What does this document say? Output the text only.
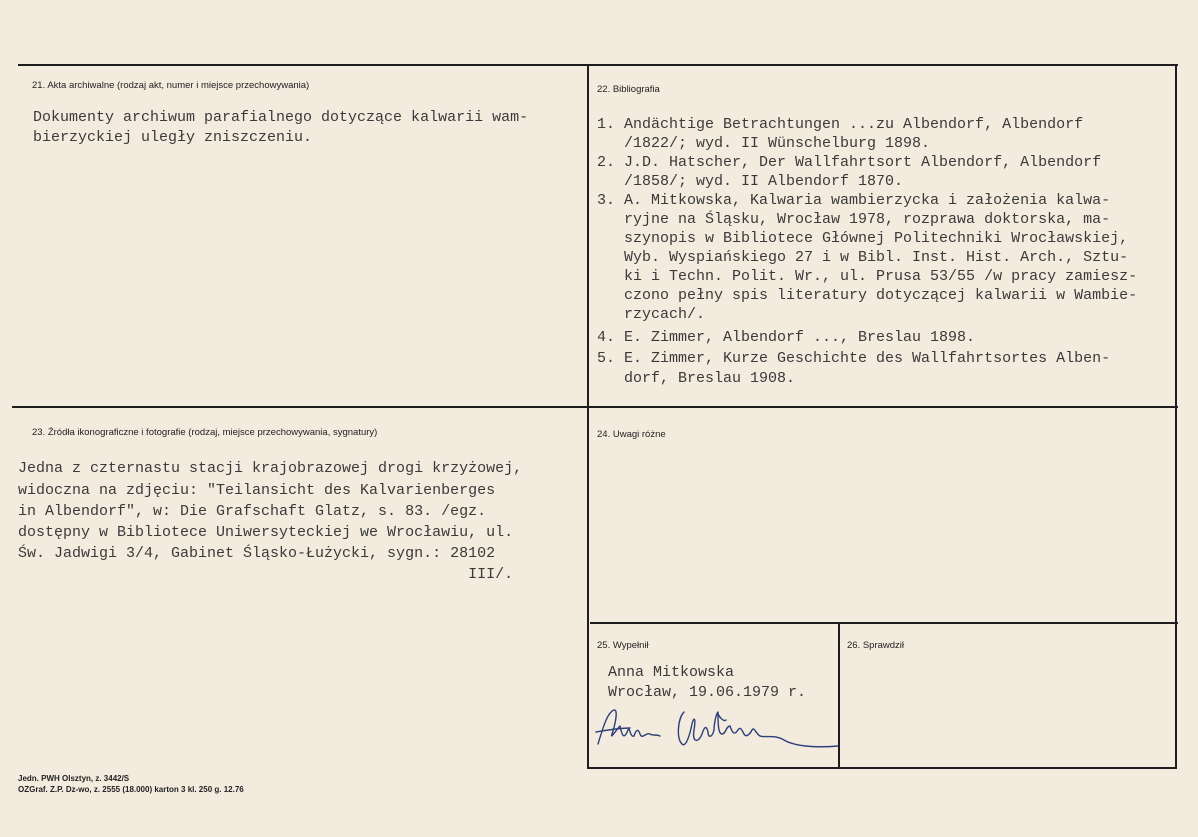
21. Akta archiwalne (rodzaj akt, numer i miejsce przechowywania)
Dokumenty archiwum parafialnego dotyczące kalwarii wam-
bierzyckiej uległy zniszczeniu.
22. Bibliografia
1. Andächtige Betrachtungen ...zu Albendorf, Albendorf
/1822/; wyd. II Wünschelburg 1898.
2. J.D. Hatscher, Der Wallfahrtsort Albendorf, Albendorf
/1858/; wyd. II Albendorf 1870.
3. A. Mitkowska, Kalwaria wambierzycka i założenia kalwa-
ryjne na Śląsku, Wrocław 1978, rozprawa doktorska, ma-
szynopis w Bibliotece Głównej Politechniki Wrocławskiej,
Wyb. Wyspiańskiego 27 i w Bibl. Inst. Hist. Arch., Sztu-
ki i Techn. Polit. Wr., ul. Prusa 53/55 /w pracy zamiesz-
czono pełny spis literatury dotyczącej kalwarii w Wambie-
rzycach/.
4. E. Zimmer, Albendorf ..., Breslau 1898.
5. E. Zimmer, Kurze Geschichte des Wallfahrtsortes Alben-
dorf, Breslau 1908.
23. Źródła ikonograficzne i fotografie (rodzaj, miejsce przechowywania, sygnatury)
Jedna z czternastu stacji krajobrazowej drogi krzyżowej,
widoczna na zdjęciu: "Teilansicht des Kalvarienberges
in Albendorf", w: Die Grafschaft Glatz, s. 83. /egz.
dostępny w Bibliotece Uniwersyteckiej we Wrocławiu, ul.
Św. Jadwigi 3/4, Gabinet Śląsko-Łużycki, sygn.: 28102
III/.
24. Uwagi różne
25. Wypełnił
Anna Mitkowska
Wrocław, 19.06.1979 r.
26. Sprawdził
Jedn. PWH Olsztyn, z. 3442/S
OZGraf. Z.P. Dz-wo, z. 2555 (18.000) karton 3 kl. 250 g. 12.76
